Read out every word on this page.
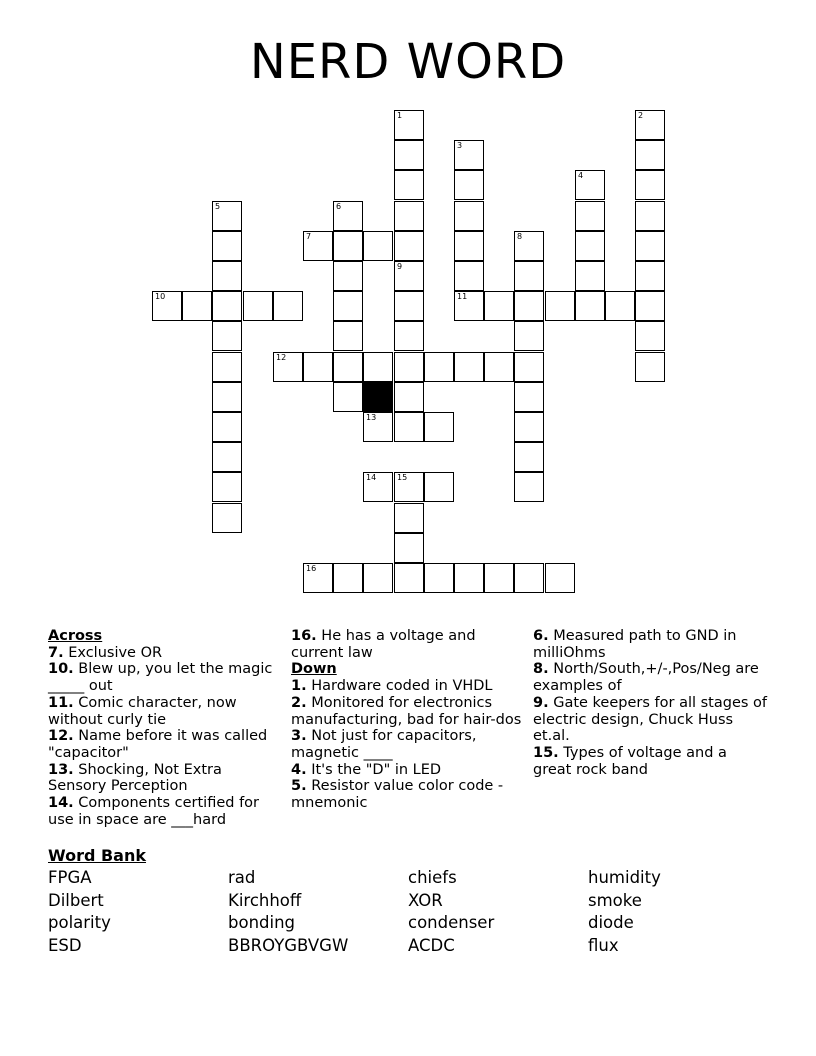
NERD WORD
1	2
3
4
5	6
7	8
9
10	11
12
13
14	15
16
Across
7. Exclusive OR
10. Blew up, you let the magic _____ out
11. Comic character, now without curly tie
12. Name before it was called "capacitor"
13. Shocking, Not Extra Sensory Perception
14. Components certified for use in space are ___hard
16. He has a voltage and current law
Down
1. Hardware coded in VHDL
2. Monitored for electronics manufacturing, bad for hair-dos
3. Not just for capacitors, magnetic ____
4. It's the "D" in LED
5. Resistor value color code - mnemonic
6. Measured path to GND in milliOhms
8. North/South,+/-,Pos/Neg are examples of
9. Gate keepers for all stages of electric design, Chuck Huss et.al.
15. Types of voltage and a great rock band
Word Bank
FPGA	rad	chiefs	humidity
Dilbert	Kirchhoff	XOR	smoke
polarity	bonding	condenser	diode
ESD	BBROYGBVGW	ACDC	flux
